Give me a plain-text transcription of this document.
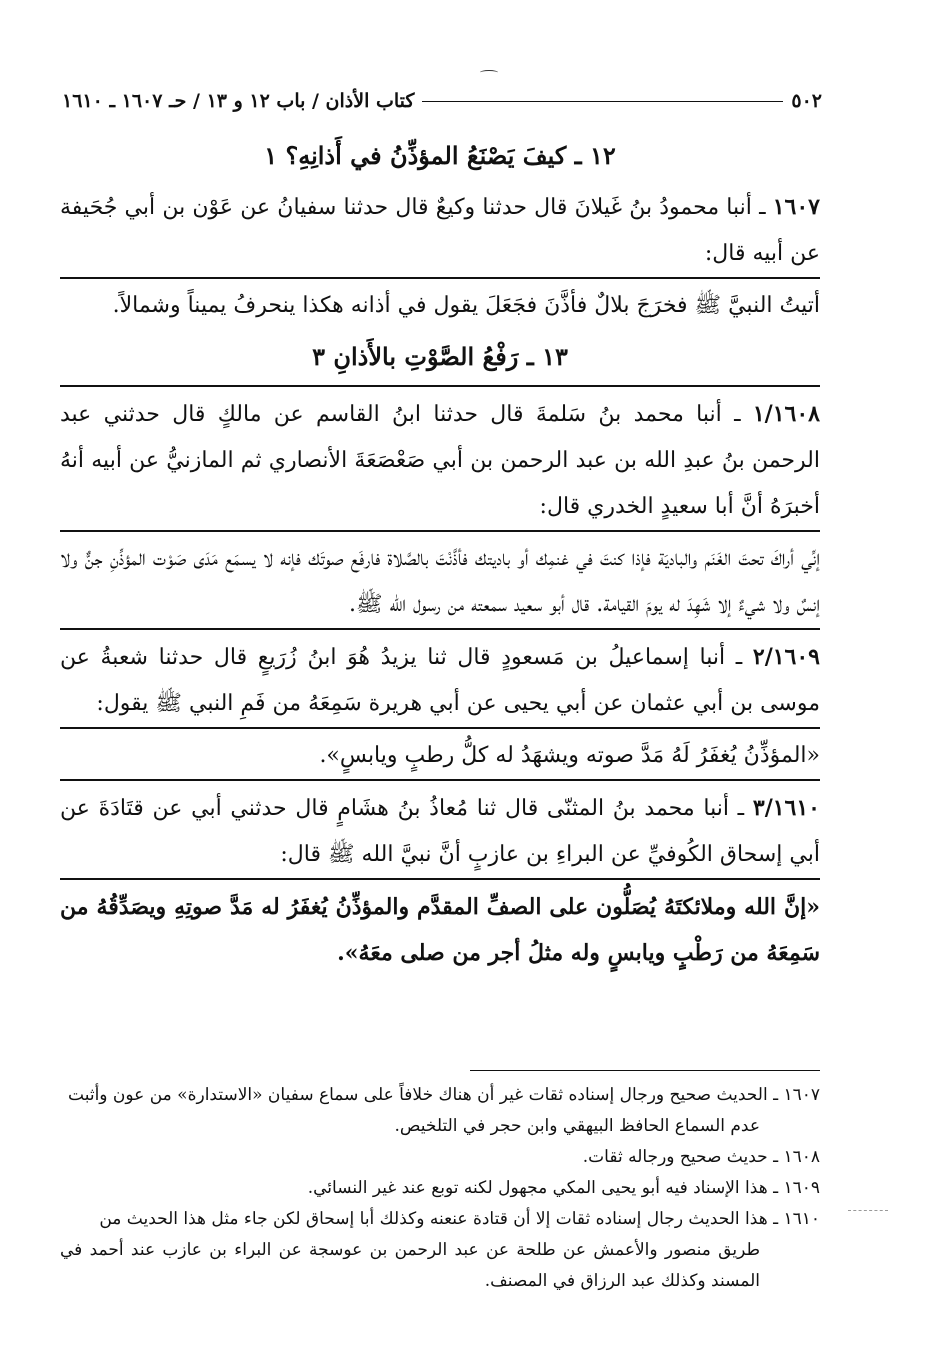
٥٠٢
كتاب الأذان / باب ١٢ و ١٣ / حـ ١٦٠٧ ـ ١٦١٠
١٢ ـ كيفَ يَصْنَعُ المؤذِّنُ في أَذانِهِ؟ ١

١٦٠٧ ـ أنبا محمودُ بنُ غَيلانَ قال حدثنا وكيعٌ قال حدثنا سفيانُ عن عَوْن بن أبي جُحَيفة عن أبيه قال:

أتيتُ النبيَّ ﷺ فخرَجَ بلالٌ فأذَّنَ فجَعَلَ يقول في أذانه هكذا ينحرفُ يميناً وشمالاً.

١٣ ـ رَفْعُ الصَّوْتِ بالأَذانِ ٣

١/١٦٠٨ ـ أنبا محمد بنُ سَلمةَ قال حدثنا ابنُ القاسم عن مالكٍ قال حدثني عبد الرحمن بنُ عبدِ الله بن عبد الرحمن بن أبي صَعْصَعَةَ الأنصاري ثم المازنيُّ عن أبيه أنهُ أخبرَهُ أنَّ أبا سعيدٍ الخدري قال:

إنِّي أراكَ تحتَ الغَنَم والباديَة فإذا كنتَ في غنمِك أو باديتك فأذَّنْتَ بالصَّلاة فارفَع صوتَك فإنه لا يسمَع مَدَى صَوْت المؤذِّنِ جنٌّ ولا إنسٌ ولا شيءٌ إلا شَهِدَ له يومَ القيامة. قال أبو سعيد سمعته من رسول الله ﷺ.

٢/١٦٠٩ ـ أنبا إسماعيلُ بن مَسعودٍ قال ثنا يزيدُ هُوَ ابنُ زُرَيعٍ قال حدثنا شعبةُ عن موسى بن أبي عثمان عن أبي يحيى عن أبي هريرة سَمِعَهُ من فَمِ النبي ﷺ يقول:

«المؤذِّنُ يُغفَرُ لَهُ مَدَّ صوته ويشهَدُ له كلُّ رطبٍ ويابسٍ».

٣/١٦١٠ ـ أنبا محمد بنُ المثنّى قال ثنا مُعاذُ بنُ هشَامٍ قال حدثني أبي عن قتَادَةَ عن أبي إسحاق الكُوفيِّ عن البراءِ بن عازبٍ أنَّ نبيَّ الله ﷺ قال:

«إنَّ الله وملائكتَهُ يُصَلُّون على الصفِّ المقدَّم والمؤذِّنُ يُغفَرُ له مَدَّ صوتِهِ ويصَدِّقُهُ من سَمِعَهُ من رَطْبٍ ويابسٍ وله مثلُ أجر من صلى معَهُ».

١٦٠٧ ـ الحديث صحيح ورجال إسناده ثقات غير أن هناك خلافاً على سماع سفيان «الاستدارة» من عون وأثبت

عدم السماع الحافظ البيهقي وابن حجر في التلخيص.

١٦٠٨ ـ حديث صحيح ورجاله ثقات.

١٦٠٩ ـ هذا الإسناد فيه أبو يحيى المكي مجهول لكنه توبع عند غير النسائي.

١٦١٠ ـ هذا الحديث رجال إسناده ثقات إلا أن قتادة عنعنه وكذلك أبا إسحاق لكن جاء مثل هذا الحديث من

طريق منصور والأعمش عن طلحة عن عبد الرحمن بن عوسجة عن البراء بن عازب عند أحمد في المسند وكذلك عبد الرزاق في المصنف.
